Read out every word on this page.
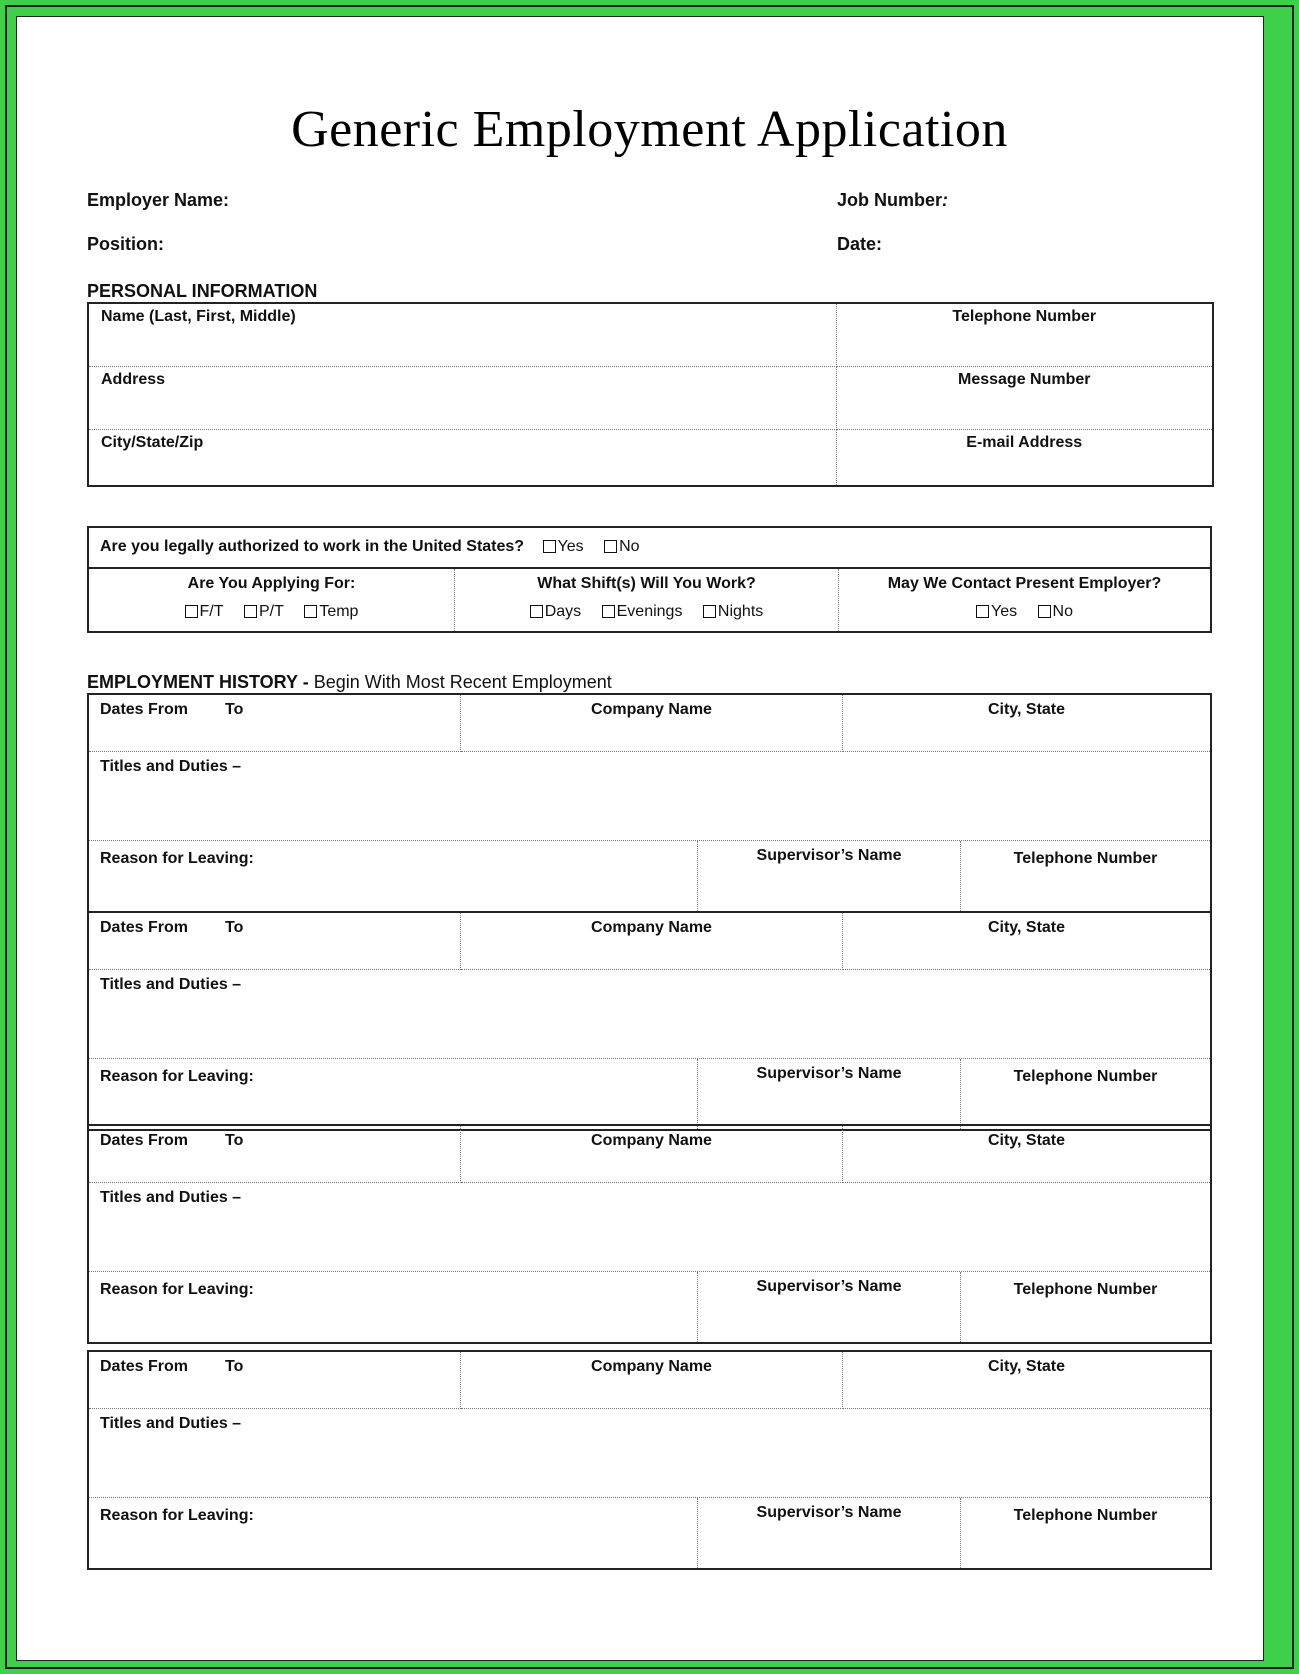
Generic Employment Application
Employer Name:	Job Number:
Position:	Date:
PERSONAL INFORMATION
Name (Last, First, Middle)	Telephone Number
Address	Message Number
City/State/Zip	E-mail Address
Are you legally authorized to work in the United States? Yes No
Are You Applying For:
F/T P/T Temp
What Shift(s) Will You Work?
Days Evenings Nights
May We Contact Present Employer?
Yes No
EMPLOYMENT HISTORY - Begin With Most Recent Employment
Dates From To	Company Name	City, State
Titles and Duties –
Reason for Leaving:	Supervisor’s Name	Telephone Number
Dates From To	Company Name	City, State
Titles and Duties –
Reason for Leaving:	Supervisor’s Name	Telephone Number
Dates From To	Company Name	City, State
Titles and Duties –
Reason for Leaving:	Supervisor’s Name	Telephone Number
Dates From To	Company Name	City, State
Titles and Duties –
Reason for Leaving:	Supervisor’s Name	Telephone Number
